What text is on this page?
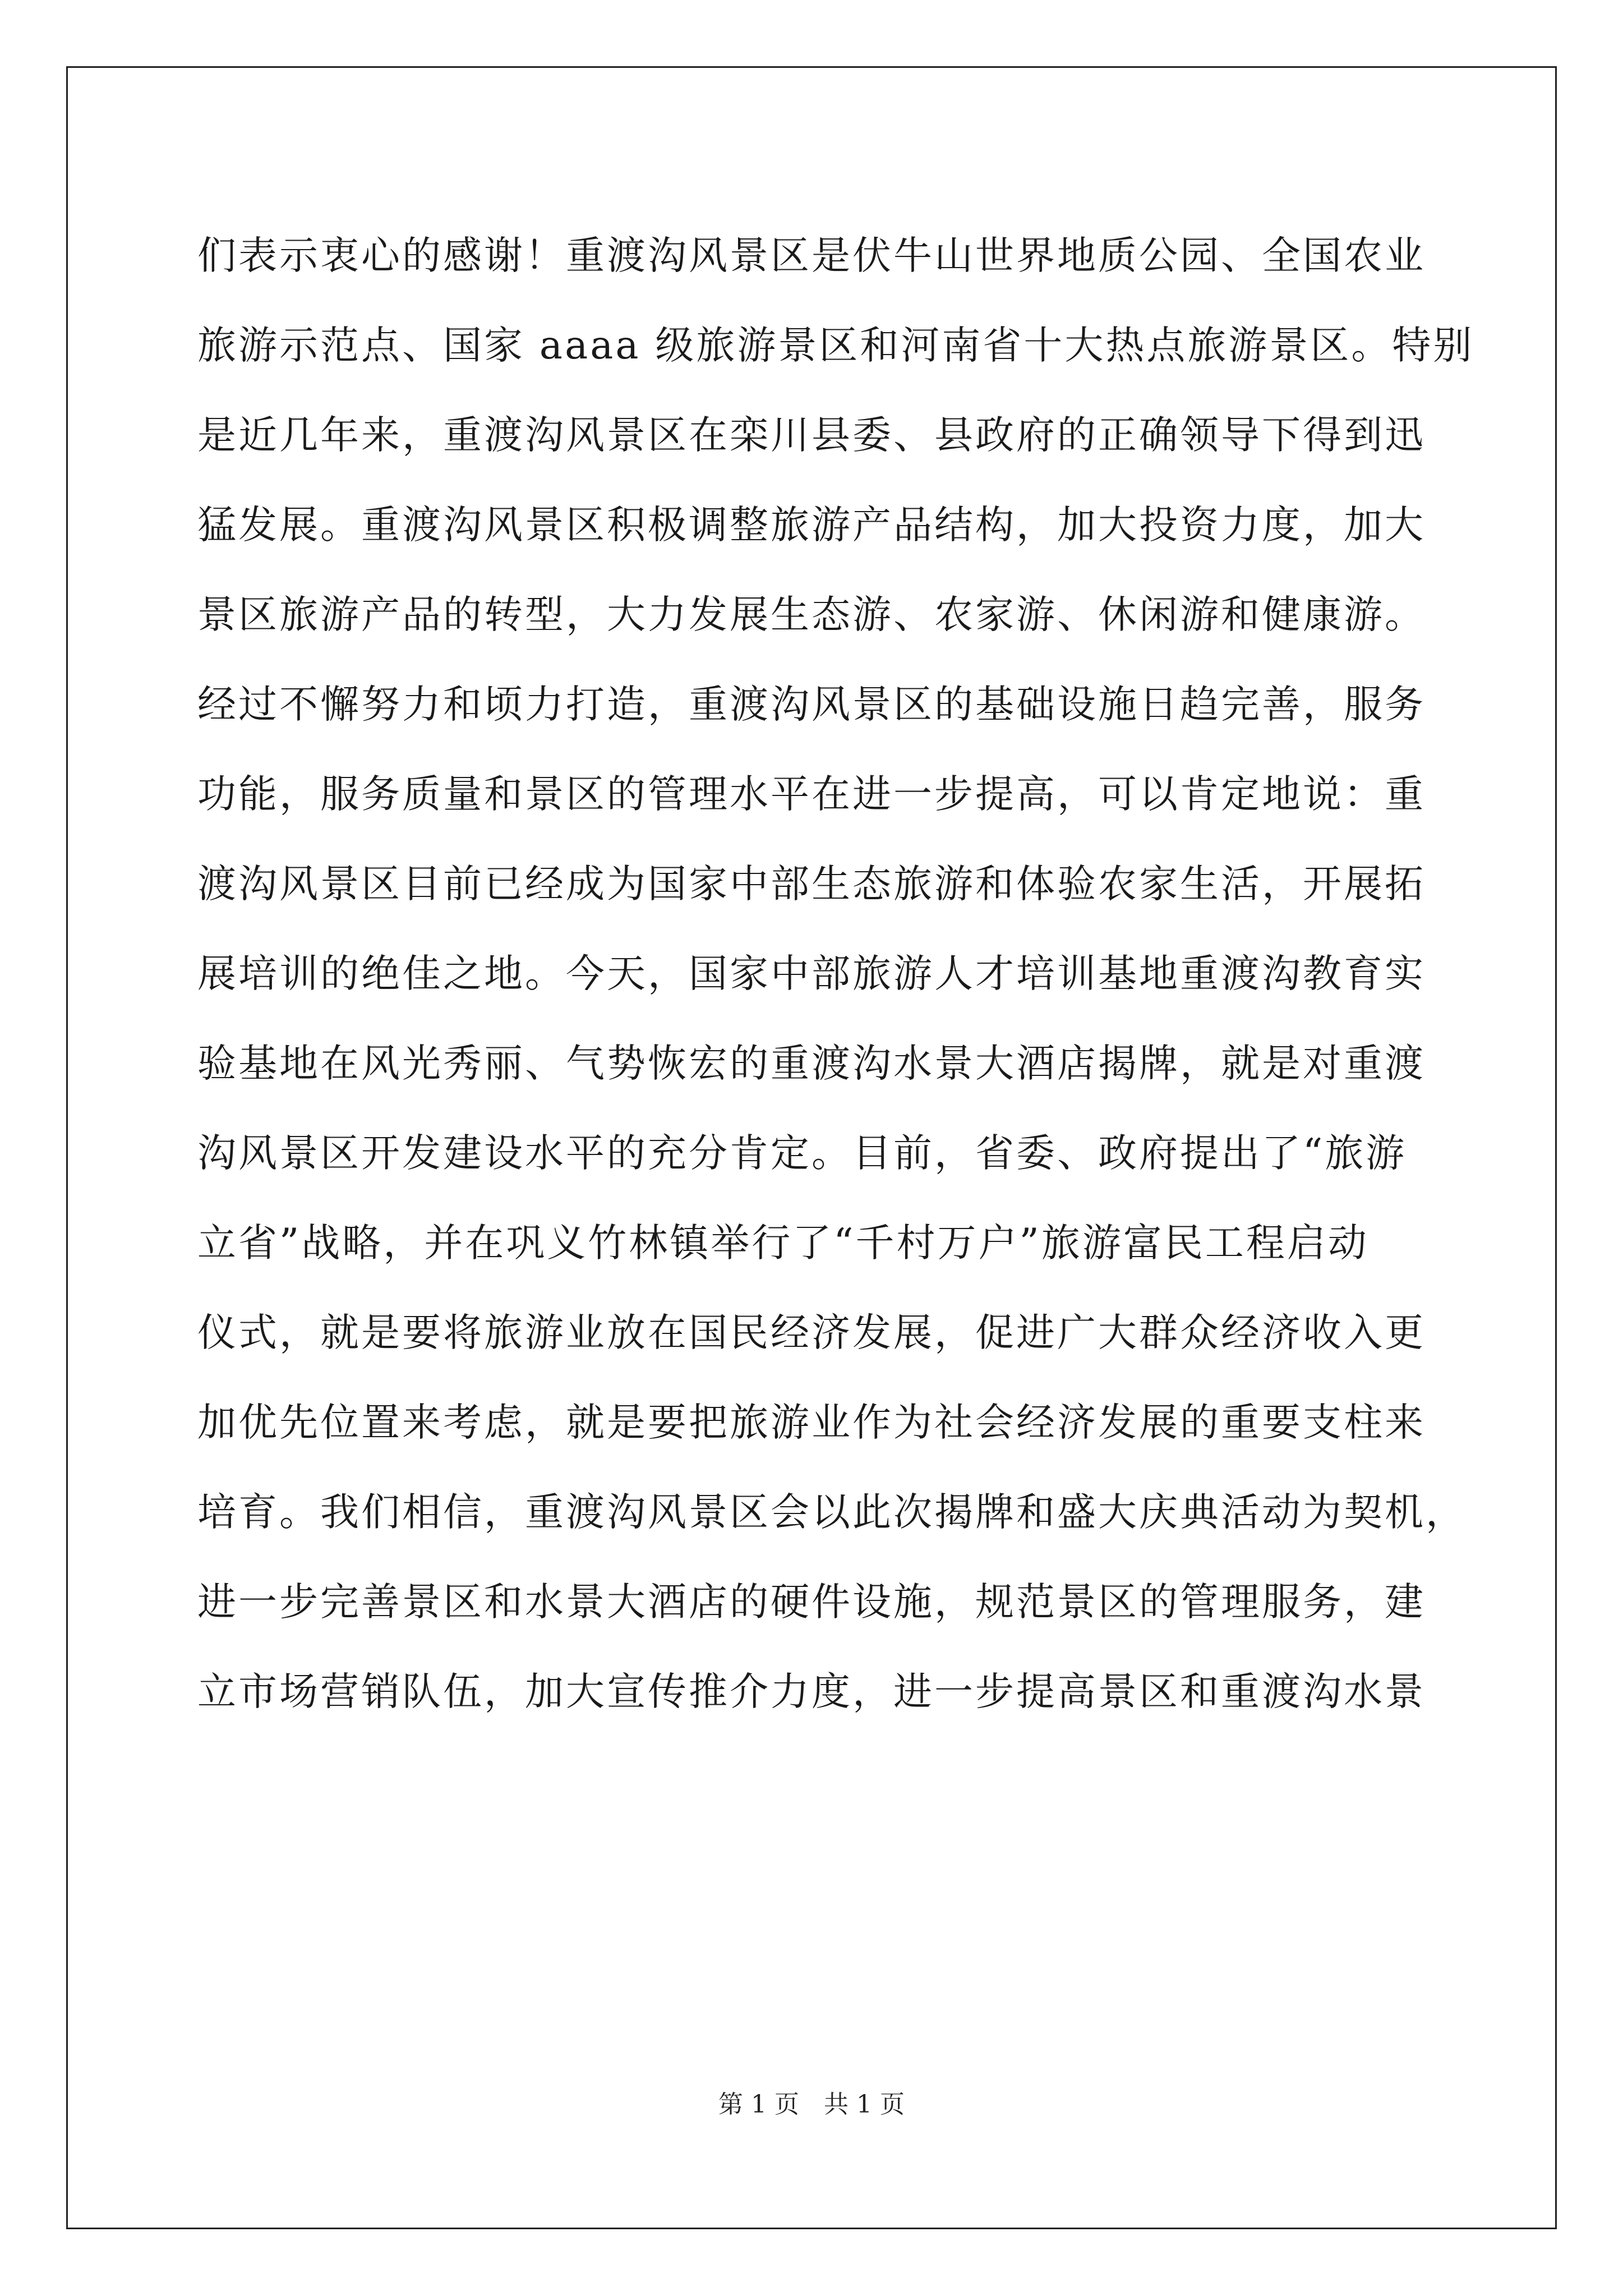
们表示衷心的感谢！重渡沟风景区是伏牛山世界地质公园、全国农业
旅游示范点、国家 aaaa 级旅游景区和河南省十大热点旅游景区。特别
是近几年来，重渡沟风景区在栾川县委、县政府的正确领导下得到迅
猛发展。重渡沟风景区积极调整旅游产品结构，加大投资力度，加大
景区旅游产品的转型，大力发展生态游、农家游、休闲游和健康游。
经过不懈努力和顷力打造，重渡沟风景区的基础设施日趋完善，服务
功能，服务质量和景区的管理水平在进一步提高，可以肯定地说：重
渡沟风景区目前已经成为国家中部生态旅游和体验农家生活，开展拓
展培训的绝佳之地。今天，国家中部旅游人才培训基地重渡沟教育实
验基地在风光秀丽、气势恢宏的重渡沟水景大酒店揭牌，就是对重渡
沟风景区开发建设水平的充分肯定。目前，省委、政府提出了“旅游
立省”战略，并在巩义竹林镇举行了“千村万户”旅游富民工程启动
仪式，就是要将旅游业放在国民经济发展，促进广大群众经济收入更
加优先位置来考虑，就是要把旅游业作为社会经济发展的重要支柱来
培育。我们相信，重渡沟风景区会以此次揭牌和盛大庆典活动为契机，
进一步完善景区和水景大酒店的硬件设施，规范景区的管理服务，建
立市场营销队伍，加大宣传推介力度，进一步提高景区和重渡沟水景
第 1 页 共 1 页
